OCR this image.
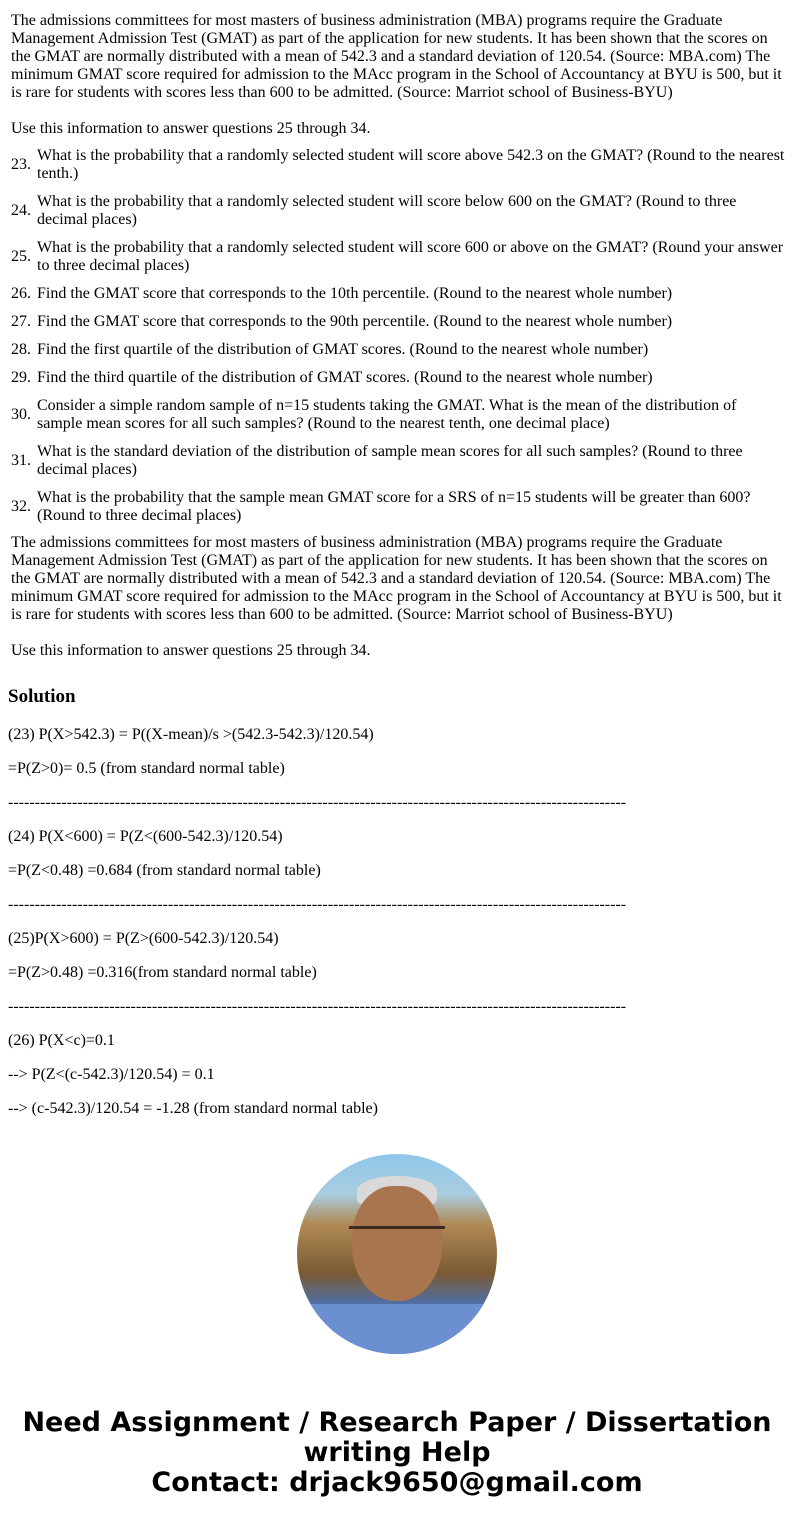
The admissions committees for most masters of business administration (MBA) programs require the Graduate Management Admission Test (GMAT) as part of the application for new students. It has been shown that the scores on the GMAT are normally distributed with a mean of 542.3 and a standard deviation of 120.54. (Source: MBA.com) The minimum GMAT score required for admission to the MAcc program in the School of Accountancy at BYU is 500, but it is rare for students with scores less than 600 to be admitted. (Source: Marriot school of Business-BYU)

Use this information to answer questions 25 through 34.

23.	What is the probability that a randomly selected student will score above 542.3 on the GMAT? (Round to the nearest tenth.)
24.	What is the probability that a randomly selected student will score below 600 on the GMAT? (Round to three decimal places)
25.	What is the probability that a randomly selected student will score 600 or above on the GMAT? (Round your answer to three decimal places)
26.	Find the GMAT score that corresponds to the 10th percentile. (Round to the nearest whole number)
27.	Find the GMAT score that corresponds to the 90th percentile. (Round to the nearest whole number)
28.	Find the first quartile of the distribution of GMAT scores. (Round to the nearest whole number)
29.	Find the third quartile of the distribution of GMAT scores. (Round to the nearest whole number)
30.	Consider a simple random sample of n=15 students taking the GMAT. What is the mean of the distribution of sample mean scores for all such samples? (Round to the nearest tenth, one decimal place)
31.	What is the standard deviation of the distribution of sample mean scores for all such samples? (Round to three decimal places)
32.	What is the probability that the sample mean GMAT score for a SRS of n=15 students will be greater than 600? (Round to three decimal places)

The admissions committees for most masters of business administration (MBA) programs require the Graduate Management Admission Test (GMAT) as part of the application for new students. It has been shown that the scores on the GMAT are normally distributed with a mean of 542.3 and a standard deviation of 120.54. (Source: MBA.com) The minimum GMAT score required for admission to the MAcc program in the School of Accountancy at BYU is 500, but it is rare for students with scores less than 600 to be admitted. (Source: Marriot school of Business-BYU)

Use this information to answer questions 25 through 34.

Solution

(23) P(X>542.3) = P((X-mean)/s >(542.3-542.3)/120.54)

=P(Z>0)= 0.5 (from standard normal table)

--------------------------------------------------------------------------------------------------------------------

(24) P(X<600) = P(Z<(600-542.3)/120.54)

=P(Z<0.48) =0.684 (from standard normal table)

--------------------------------------------------------------------------------------------------------------------

(25)P(X>600) = P(Z>(600-542.3)/120.54)

=P(Z>0.48) =0.316(from standard normal table)

--------------------------------------------------------------------------------------------------------------------

(26) P(X<c)=0.1

--> P(Z<(c-542.3)/120.54) = 0.1

--> (c-542.3)/120.54 = -1.28 (from standard normal table)

Need Assignment / Research Paper / Dissertation writing Help
Contact: drjack9650@gmail.com
